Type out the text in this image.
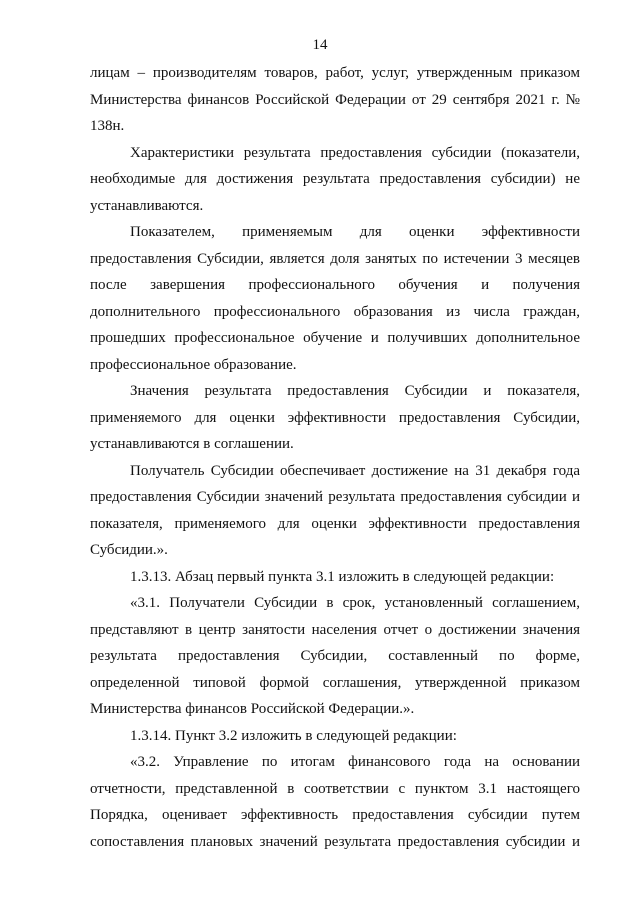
14

лицам – производителям товаров, работ, услуг, утвержденным приказом Министерства финансов Российской Федерации от 29 сентября 2021 г. № 138н.

Характеристики результата предоставления субсидии (показатели, необходимые для достижения результата предоставления субсидии) не устанавливаются.

Показателем, применяемым для оценки эффективности предоставления Субсидии, является доля занятых по истечении 3 месяцев после завершения профессионального обучения и получения дополнительного профессионального образования из числа граждан, прошедших профессиональное обучение и получивших дополнительное профессиональное образование.

Значения результата предоставления Субсидии и показателя, применяемого для оценки эффективности предоставления Субсидии, устанавливаются в соглашении.

Получатель Субсидии обеспечивает достижение на 31 декабря года предоставления Субсидии значений результата предоставления субсидии и показателя, применяемого для оценки эффективности предоставления Субсидии.».

1.3.13. Абзац первый пункта 3.1 изложить в следующей редакции:

«3.1. Получатели Субсидии в срок, установленный соглашением, представляют в центр занятости населения отчет о достижении значения результата предоставления Субсидии, составленный по форме, определенной типовой формой соглашения, утвержденной приказом Министерства финансов Российской Федерации.».

1.3.14. Пункт 3.2 изложить в следующей редакции:

«3.2. Управление по итогам финансового года на основании отчетности, представленной в соответствии с пунктом 3.1 настоящего Порядка, оценивает эффективность предоставления субсидии путем сопоставления плановых значений результата предоставления субсидии и
